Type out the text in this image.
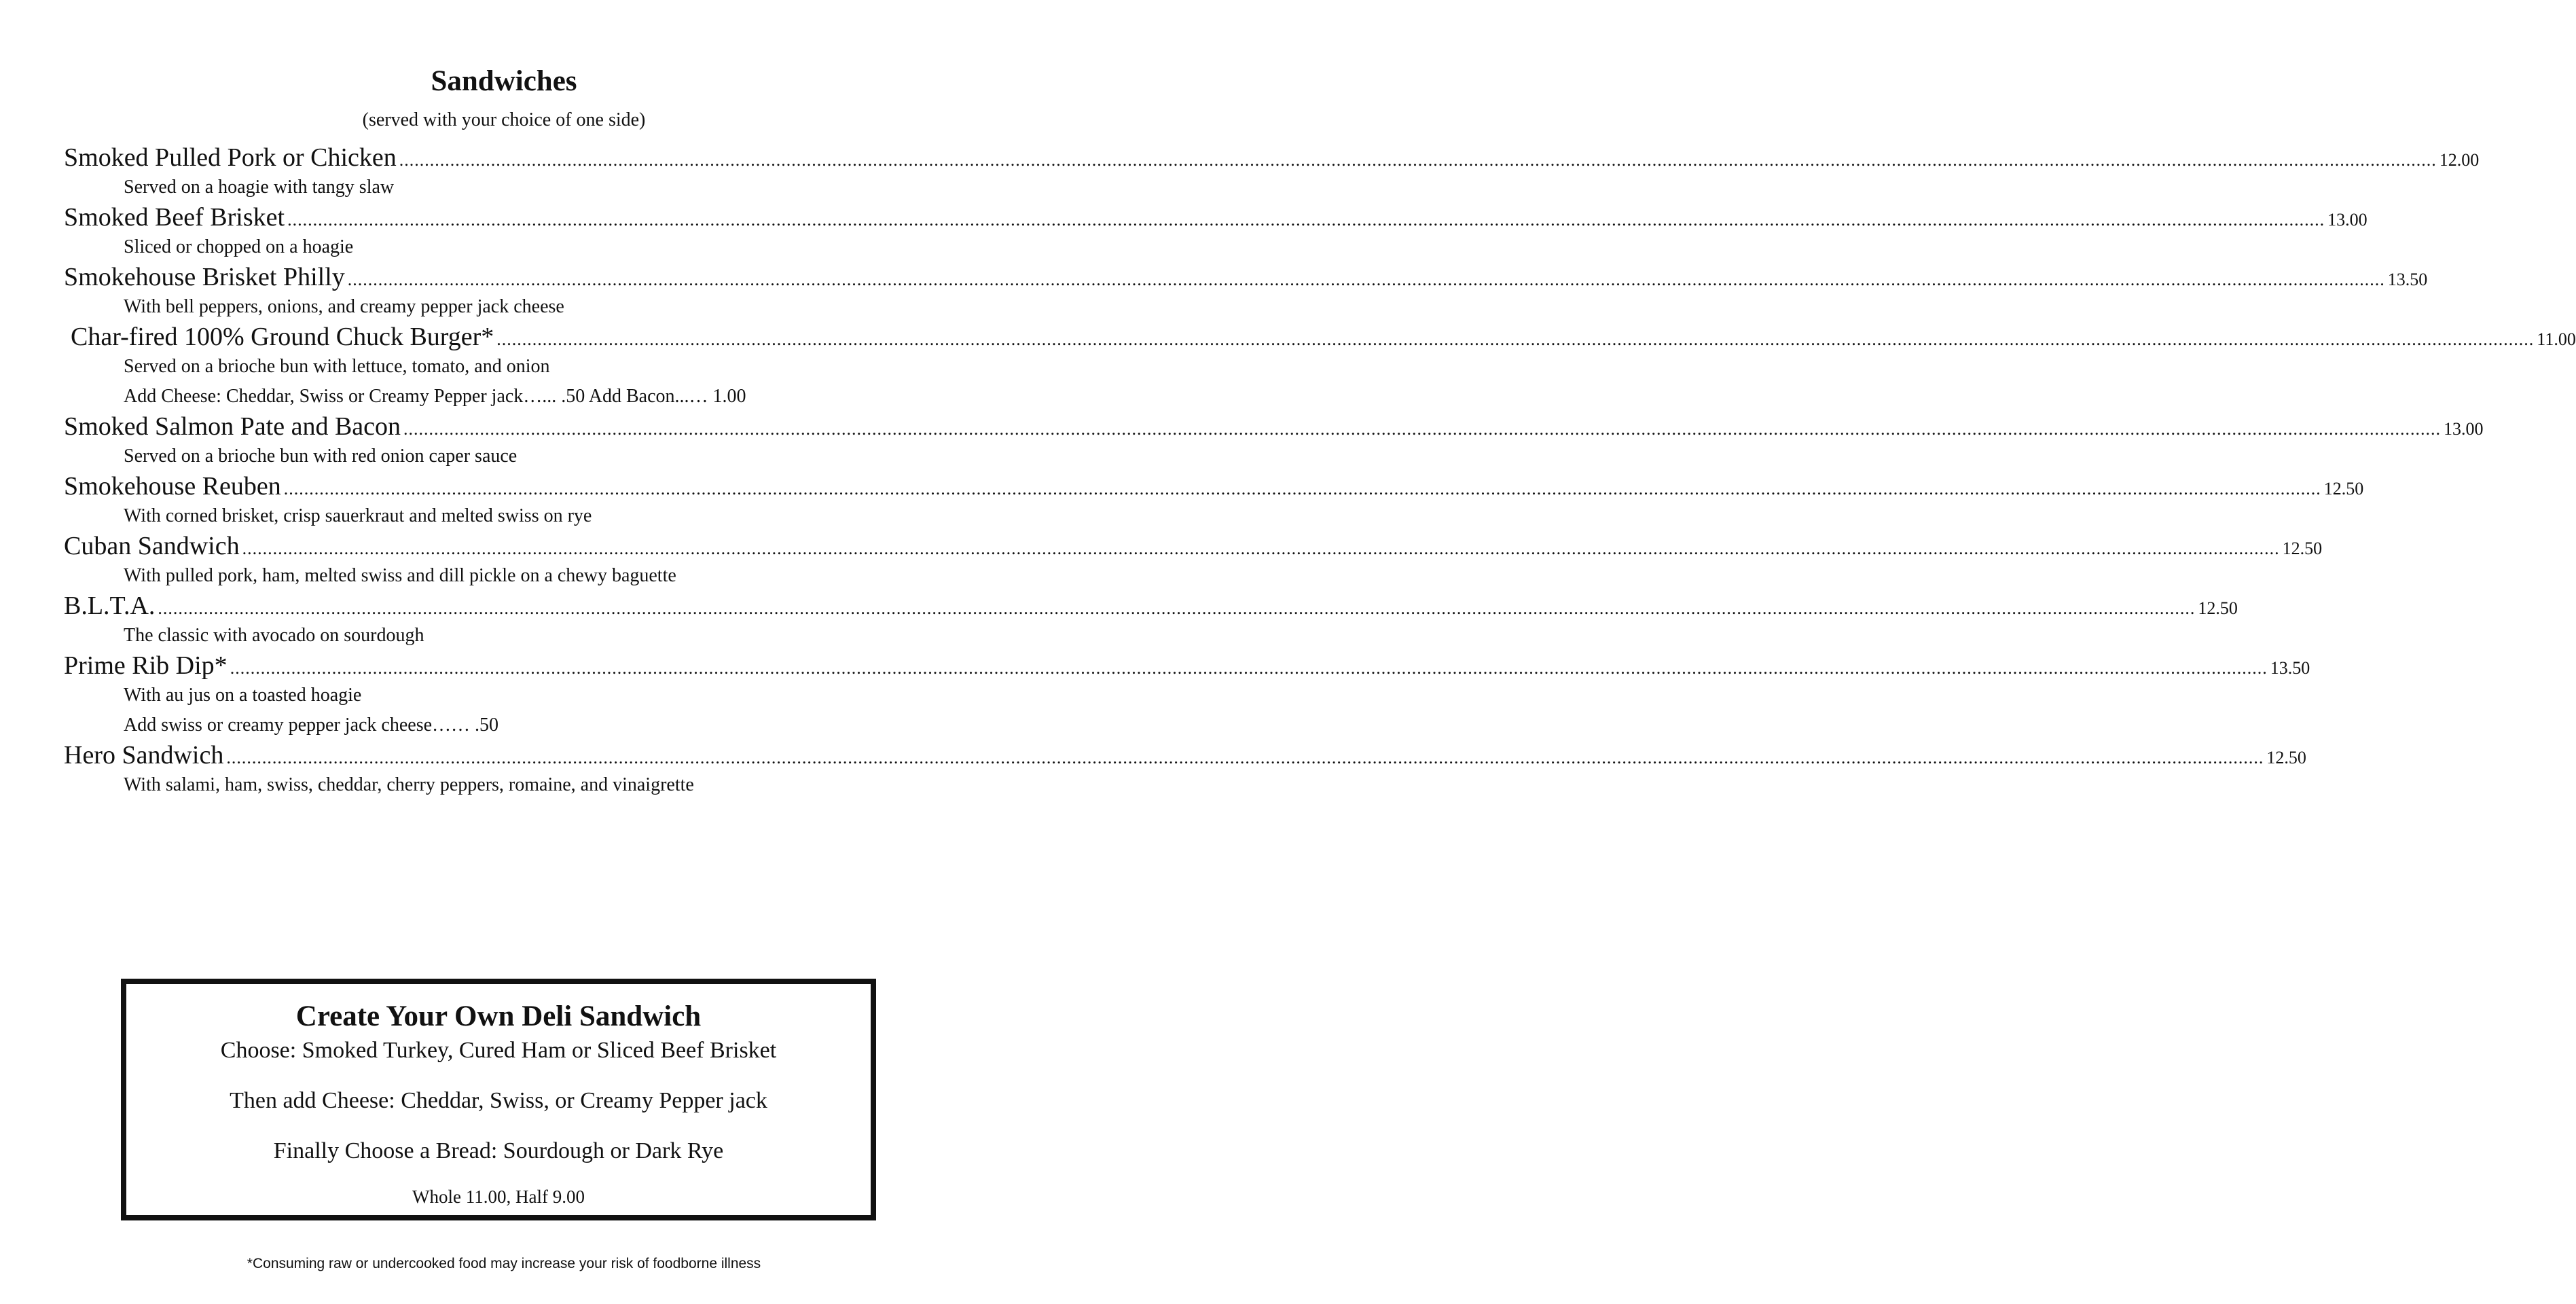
Sandwiches
(served with your choice of one side)
Smoked Pulled Pork or Chicken ................................................................................................................................................................................................................................................................................................................................................................................................................ 12.00
Served on a hoagie with tangy slaw
Smoked Beef Brisket ................................................................................................................................................................................................................................................................................................................................................................................................................ 13.00
Sliced or chopped on a hoagie
Smokehouse Brisket Philly ................................................................................................................................................................................................................................................................................................................................................................................................................ 13.50
With bell peppers, onions, and creamy pepper jack cheese
Char-fired 100% Ground Chuck Burger* ................................................................................................................................................................................................................................................................................................................................................................................................................ 11.00
Served on a brioche bun with lettuce, tomato, and onion
Add Cheese: Cheddar, Swiss or Creamy Pepper jack…... .50 Add Bacon...… 1.00
Smoked Salmon Pate and Bacon ................................................................................................................................................................................................................................................................................................................................................................................................................ 13.00
Served on a brioche bun with red onion caper sauce
Smokehouse Reuben ................................................................................................................................................................................................................................................................................................................................................................................................................ 12.50
With corned brisket, crisp sauerkraut and melted swiss on rye
Cuban Sandwich ................................................................................................................................................................................................................................................................................................................................................................................................................ 12.50
With pulled pork, ham, melted swiss and dill pickle on a chewy baguette
B.L.T.A. ................................................................................................................................................................................................................................................................................................................................................................................................................ 12.50
The classic with avocado on sourdough
Prime Rib Dip* ................................................................................................................................................................................................................................................................................................................................................................................................................ 13.50
With au jus on a toasted hoagie
Add swiss or creamy pepper jack cheese…… .50
Hero Sandwich ................................................................................................................................................................................................................................................................................................................................................................................................................ 12.50
With salami, ham, swiss, cheddar, cherry peppers, romaine, and vinaigrette
Create Your Own Deli Sandwich
Choose: Smoked Turkey, Cured Ham or Sliced Beef Brisket
Then add Cheese: Cheddar, Swiss, or Creamy Pepper jack
Finally Choose a Bread: Sourdough or Dark Rye
Whole 11.00, Half 9.00
*Consuming raw or undercooked food may increase your risk of foodborne illness
